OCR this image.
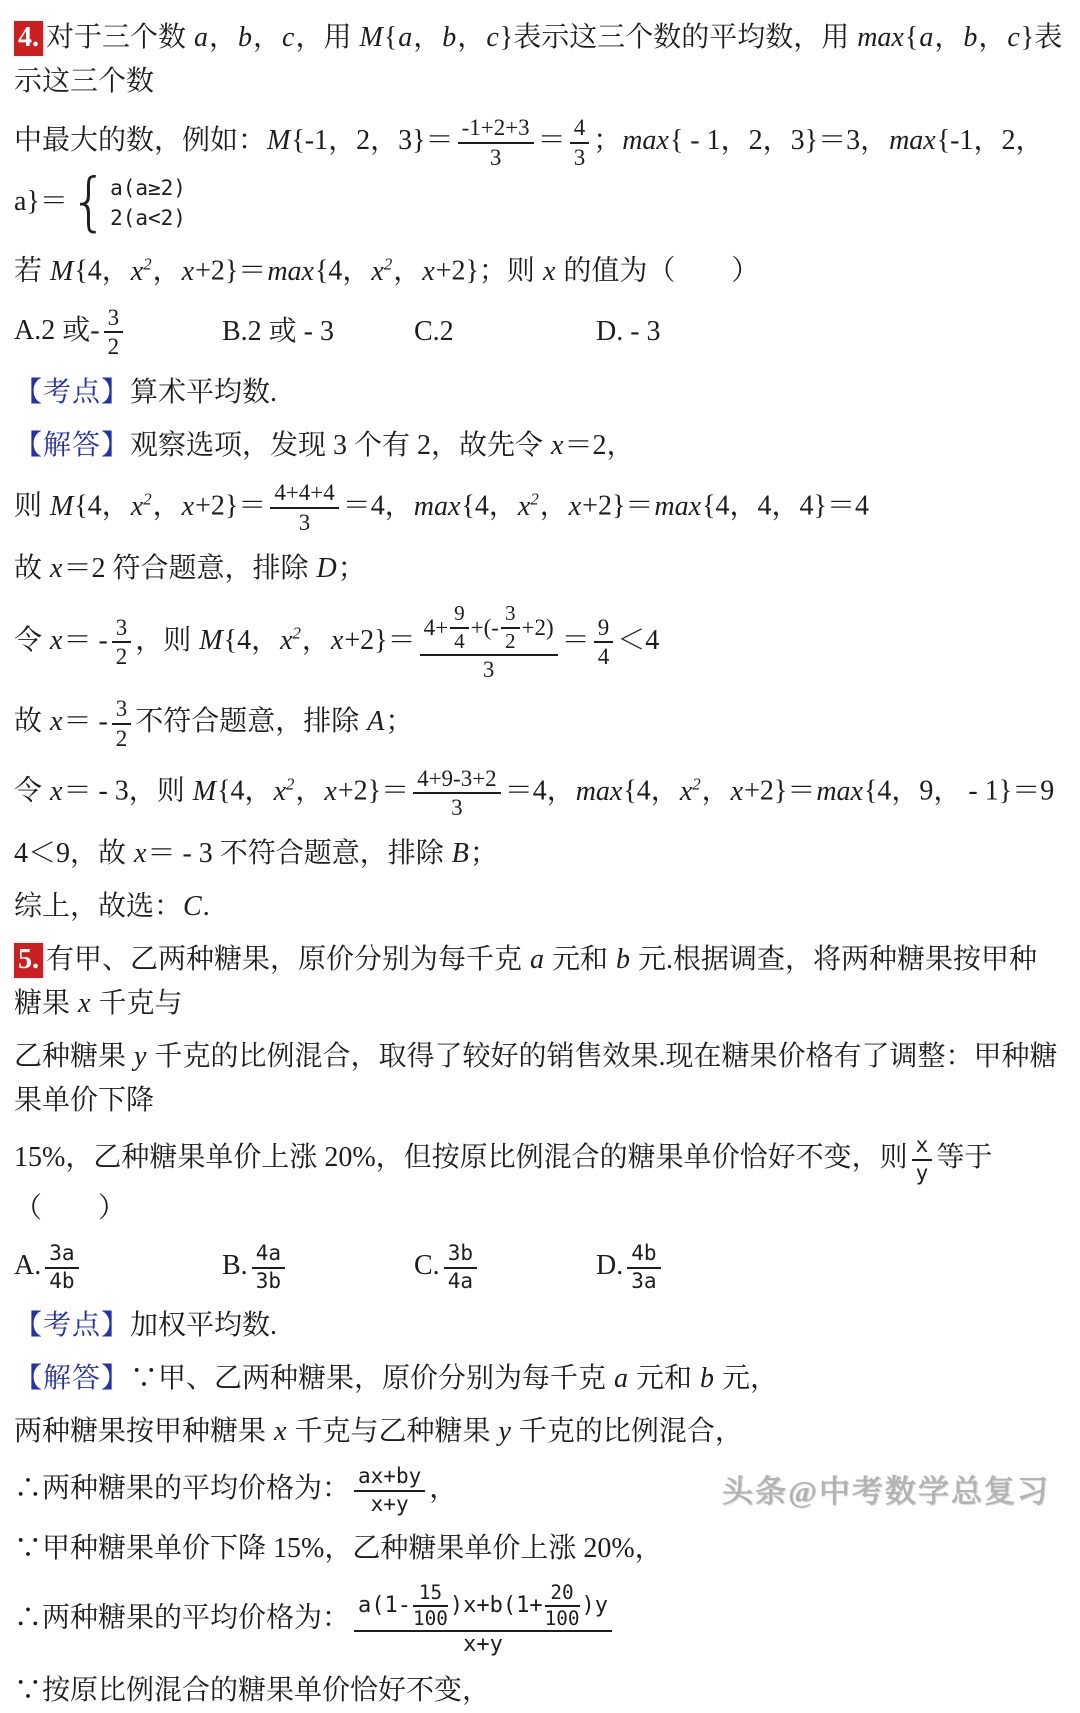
4. 对于三个数 a，b，c，用 M{a，b，c}表示这三个数的平均数，用 max{a，b，c}表示这三个数
中最大的数，例如：M{-1，2，$3\}= \frac{-1+2+3}{3} = \frac{4}{3}$ ；max{ - 1，2，3}＝3，max{-1，2，a}＝ { a(a≥2)
2(a<2)
若 M{4，$x^2$，x+2}＝max{4，$x^2$，x+2}；则 x 的值为（　　）
A.2 或- $\frac{3}{2}$	B.2 或 - 3	C.2	D. - 3
【考点】算术平均数.
【解答】观察选项，发现 3 个有 2，故先令 x＝2，
则 M{4，$x^2$，$x+2\}= \frac{4+4+4}{3} =4$，max{4，$x^2$，x+2}＝max{4，4，4}＝4
故 x＝2 符合题意，排除 D；
令 $x= - \frac{3}{2}$ ，则 M{4，$x^2$，$x+2\}= \frac{4+ \frac{9}{4} +(- \frac{3}{2} +2)}{3} = \frac{9}{4} <4$
故 $x= - \frac{3}{2}$ 不符合题意，排除 A；
令 x＝ - 3，则 M{4，$x^2$，$x+2\}= \frac{4+9-3+2}{3} =4$，max{4，$x^2$，x+2}＝max{4，9， - 1}＝9
4＜9，故 x＝ - 3 不符合题意，排除 B；
综上，故选：C.
5. 有甲、乙两种糖果，原价分别为每千克 a 元和 b 元.根据调查，将两种糖果按甲种糖果 x 千克与
乙种糖果 y 千克的比例混合，取得了较好的销售效果.现在糖果价格有了调整：甲种糖果单价下降
15%，乙种糖果单价上涨 20%，但按原比例混合的糖果单价恰好不变，则 $\frac{x}{y}$ 等于（　　）
A. $\frac{3a}{4b}$	B. $\frac{4a}{3b}$	C. $\frac{3b}{4a}$	D. $\frac{4b}{3a}$
【考点】加权平均数.
【解答】∵甲、乙两种糖果，原价分别为每千克 a 元和 b 元，
两种糖果按甲种糖果 x 千克与乙种糖果 y 千克的比例混合，
∴两种糖果的平均价格为： $\frac{ax+by}{x+y}$ ，
∵甲种糖果单价下降 15%，乙种糖果单价上涨 20%，
∴两种糖果的平均价格为： $\frac{a(1- \frac{15}{100} )x+b(1+ \frac{20}{100} )y}{x+y}$
∵按原比例混合的糖果单价恰好不变，
头条@中考数学总复习
